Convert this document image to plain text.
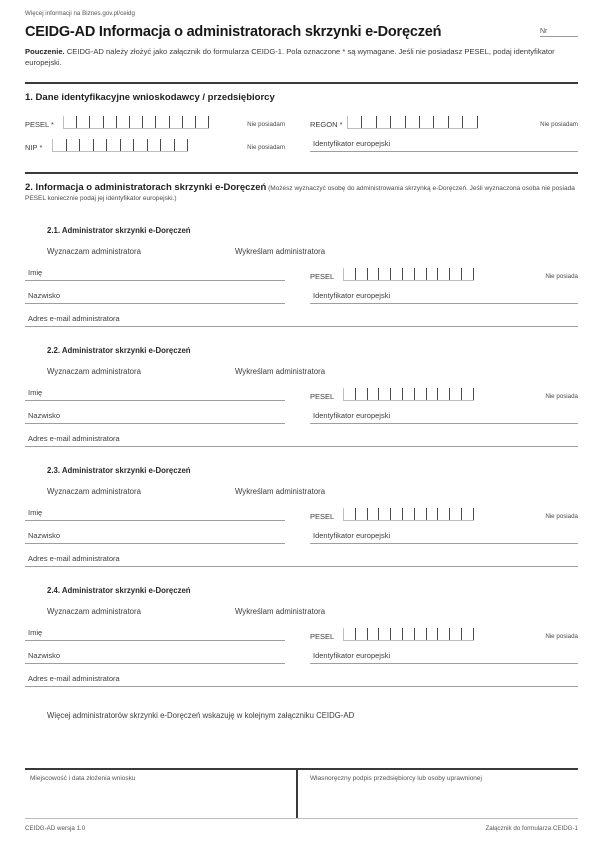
Więcej informacji na Biznes.gov.pl/ceidg
CEIDG-AD Informacja o administratorach skrzynki e-Doręczeń	Nr
Pouczenie. CEIDG-AD należy złożyć jako załącznik do formularza CEIDG-1. Pola oznaczone * są wymagane. Jeśli nie posiadasz PESEL, podaj identyfikator europejski.
1. Dane identyfikacyjne wnioskodawcy / przedsiębiorcy
PESEL *	Nie posiadam	REGON *	Nie posiadam
NIP *	Nie posiadam	Identyfikator europejski
2. Informacja o administratorach skrzynki e-Doręczeń (Możesz wyznaczyć osobę do administrowania skrzynką e-Doręczeń. Jeśli wyznaczona osoba nie posiada PESEL koniecznie podaj jej identyfikator europejski.)
2.1. Administrator skrzynki e-Doręczeń
Wyznaczam administratora	Wykreślam administratora
Imię	PESEL	Nie posiada
Nazwisko	Identyfikator europejski
Adres e-mail administratora
2.2. Administrator skrzynki e-Doręczeń
Wyznaczam administratora	Wykreślam administratora
Imię	PESEL	Nie posiada
Nazwisko	Identyfikator europejski
Adres e-mail administratora
2.3. Administrator skrzynki e-Doręczeń
Wyznaczam administratora	Wykreślam administratora
Imię	PESEL	Nie posiada
Nazwisko	Identyfikator europejski
Adres e-mail administratora
2.4. Administrator skrzynki e-Doręczeń
Wyznaczam administratora	Wykreślam administratora
Imię	PESEL	Nie posiada
Nazwisko	Identyfikator europejski
Adres e-mail administratora
Więcej administratorów skrzynki e-Doręczeń wskazuję w kolejnym załączniku CEIDG-AD
Miejscowość i data złożenia wniosku	Własnoręczny podpis przedsiębiorcy lub osoby uprawnionej
CEIDG-AD wersja 1.0	Załącznik do formularza CEIDG-1
